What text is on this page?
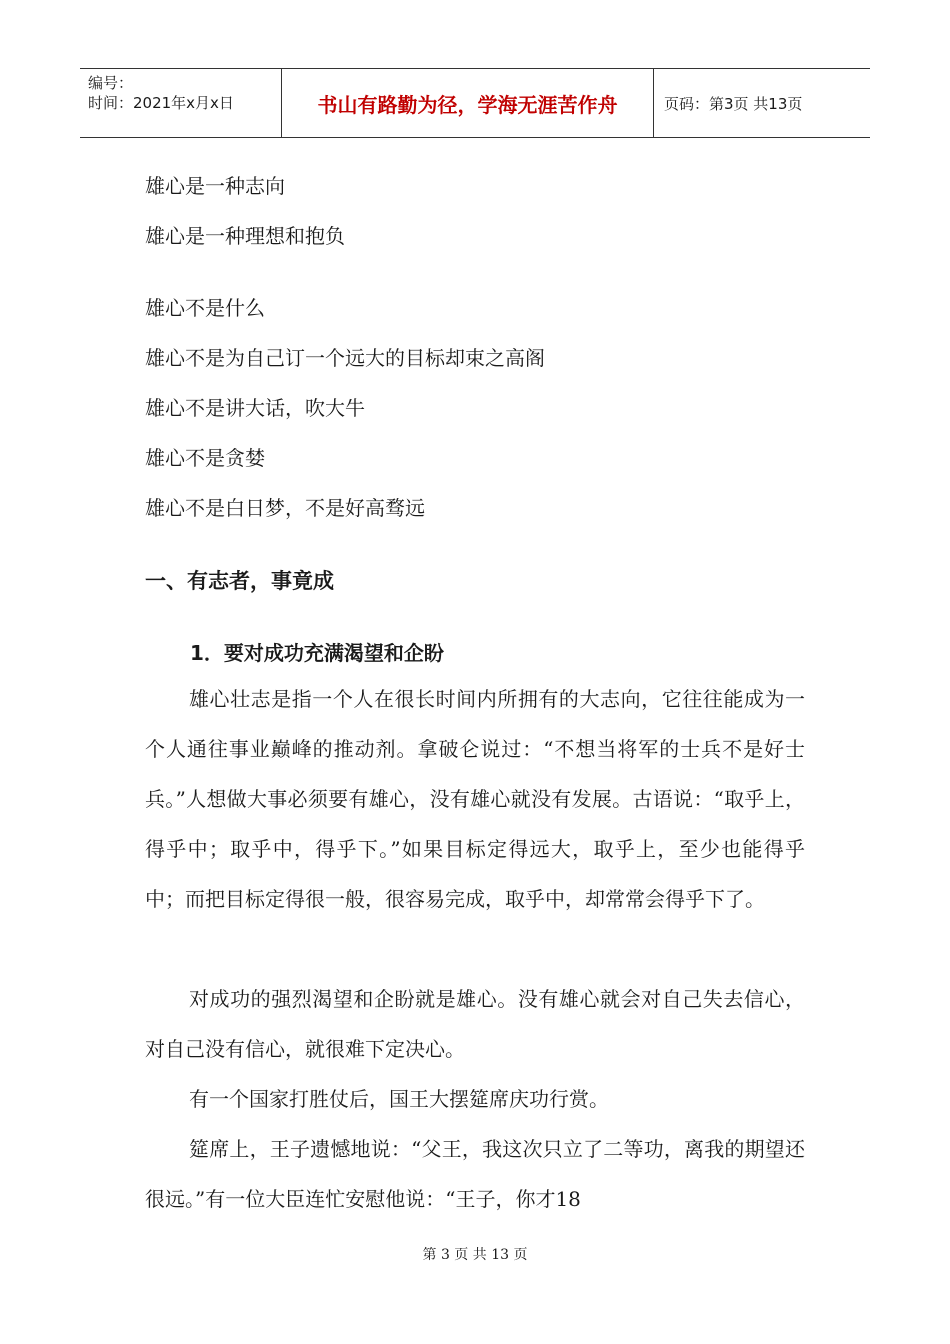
编号：
时间：2021年x月x日	书山有路勤为径，学海无涯苦作舟	页码：第3页 共13页
雄心是一种志向
雄心是一种理想和抱负
雄心不是什么
雄心不是为自己订一个远大的目标却束之高阁
雄心不是讲大话，吹大牛
雄心不是贪婪
雄心不是白日梦，不是好高骛远
一、有志者，事竟成
1．要对成功充满渴望和企盼
雄心壮志是指一个人在很长时间内所拥有的大志向，它往往能成为一个人通往事业巅峰的推动剂。拿破仑说过：“不想当将军的士兵不是好士兵。”人想做大事必须要有雄心，没有雄心就没有发展。古语说：“取乎上，得乎中；取乎中，得乎下。”如果目标定得远大，取乎上，至少也能得乎中；而把目标定得很一般，很容易完成，取乎中，却常常会得乎下了。
对成功的强烈渴望和企盼就是雄心。没有雄心就会对自己失去信心，对自己没有信心，就很难下定决心。
有一个国家打胜仗后，国王大摆筵席庆功行赏。
筵席上，王子遗憾地说：“父王，我这次只立了二等功，离我的期望还很远。”有一位大臣连忙安慰他说：“王子，你才18
第 3 页 共 13 页
